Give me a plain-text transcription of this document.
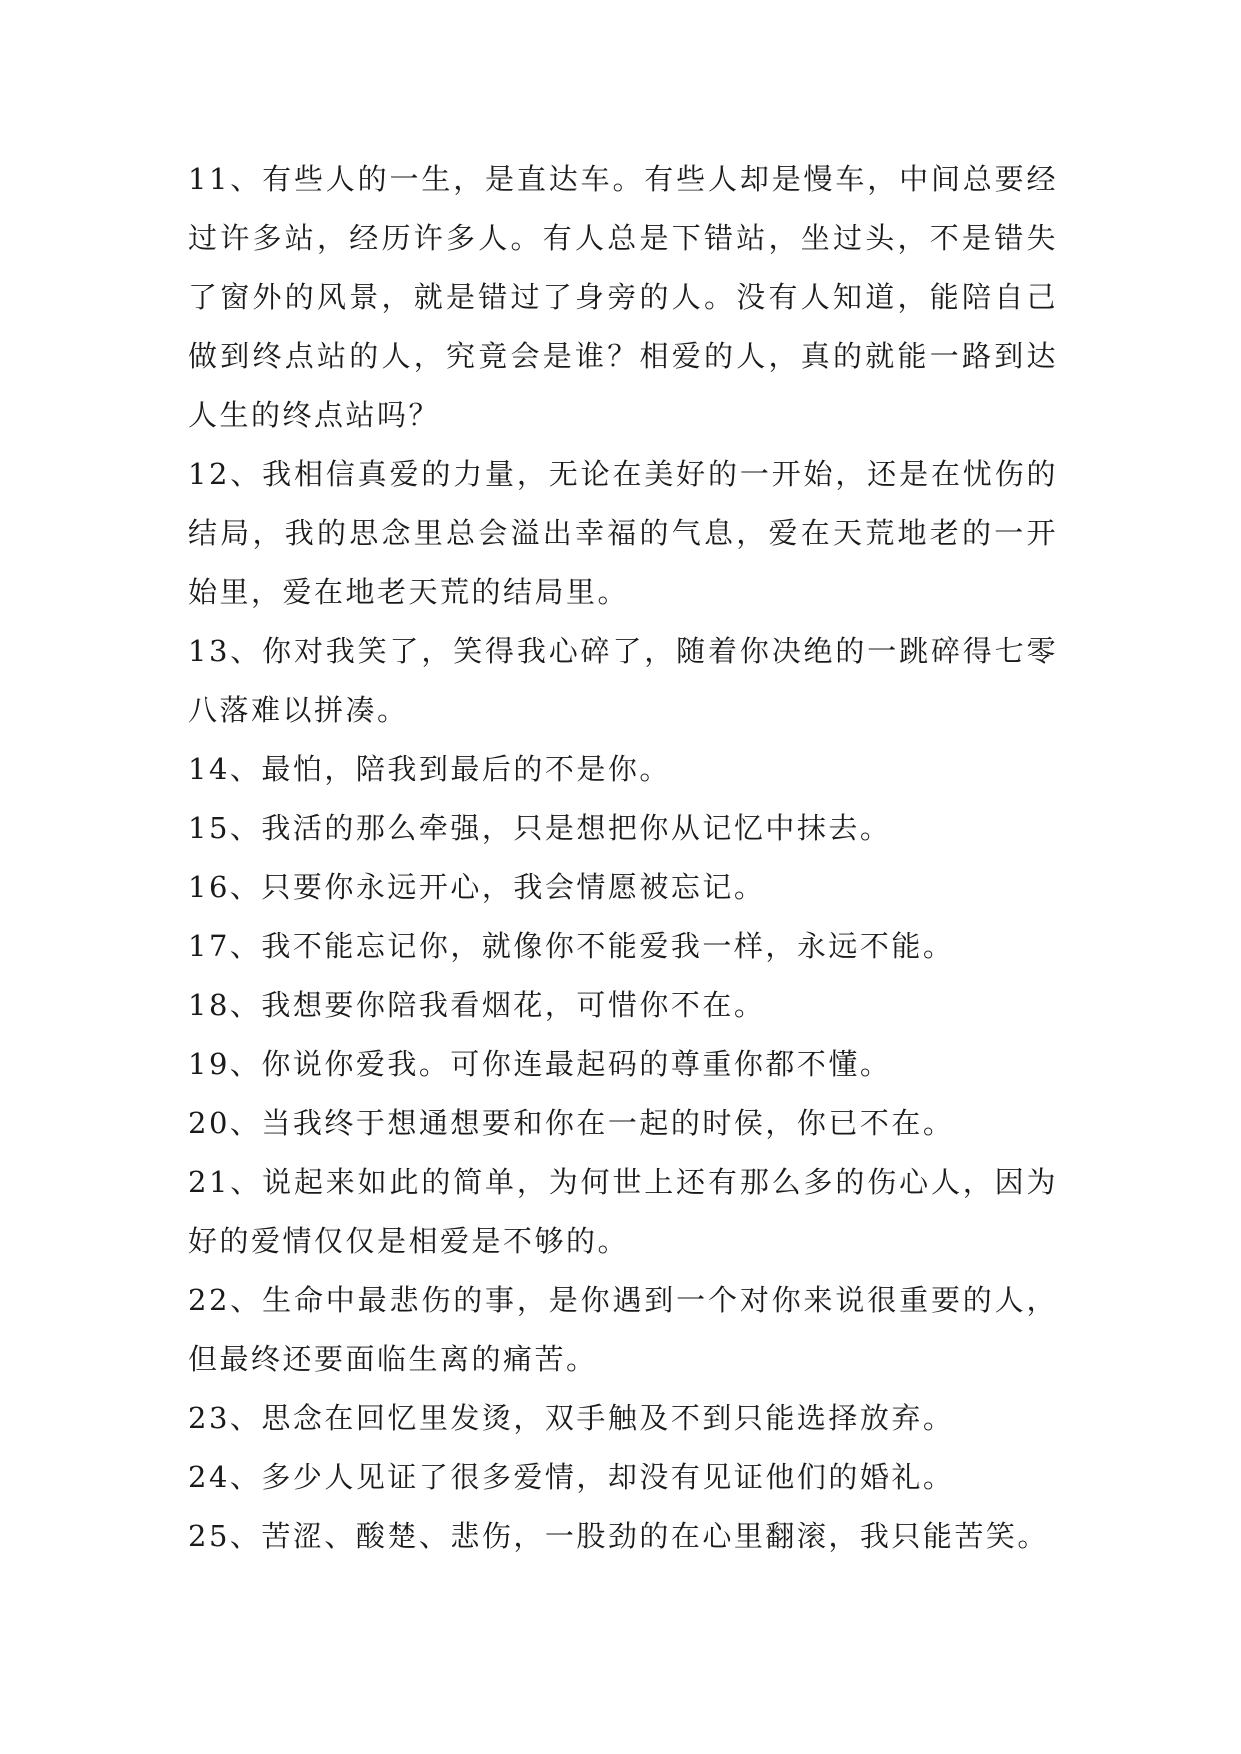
11、有些人的一生，是直达车。有些人却是慢车，中间总要经过许多站，经历许多人。有人总是下错站，坐过头，不是错失了窗外的风景，就是错过了身旁的人。没有人知道，能陪自己做到终点站的人，究竟会是谁？相爱的人，真的就能一路到达人生的终点站吗？

12、我相信真爱的力量，无论在美好的一开始，还是在忧伤的结局，我的思念里总会溢出幸福的气息，爱在天荒地老的一开始里，爱在地老天荒的结局里。

13、你对我笑了，笑得我心碎了，随着你决绝的一跳碎得七零八落难以拼凑。

14、最怕，陪我到最后的不是你。

15、我活的那么牵强，只是想把你从记忆中抹去。

16、只要你永远开心，我会情愿被忘记。

17、我不能忘记你，就像你不能爱我一样，永远不能。

18、我想要你陪我看烟花，可惜你不在。

19、你说你爱我。可你连最起码的尊重你都不懂。

20、当我终于想通想要和你在一起的时侯，你已不在。

21、说起来如此的简单，为何世上还有那么多的伤心人，因为好的爱情仅仅是相爱是不够的。

22、生命中最悲伤的事，是你遇到一个对你来说很重要的人，但最终还要面临生离的痛苦。

23、思念在回忆里发烫，双手触及不到只能选择放弃。

24、多少人见证了很多爱情，却没有见证他们的婚礼。

25、苦涩、酸楚、悲伤，一股劲的在心里翻滚，我只能苦笑。
